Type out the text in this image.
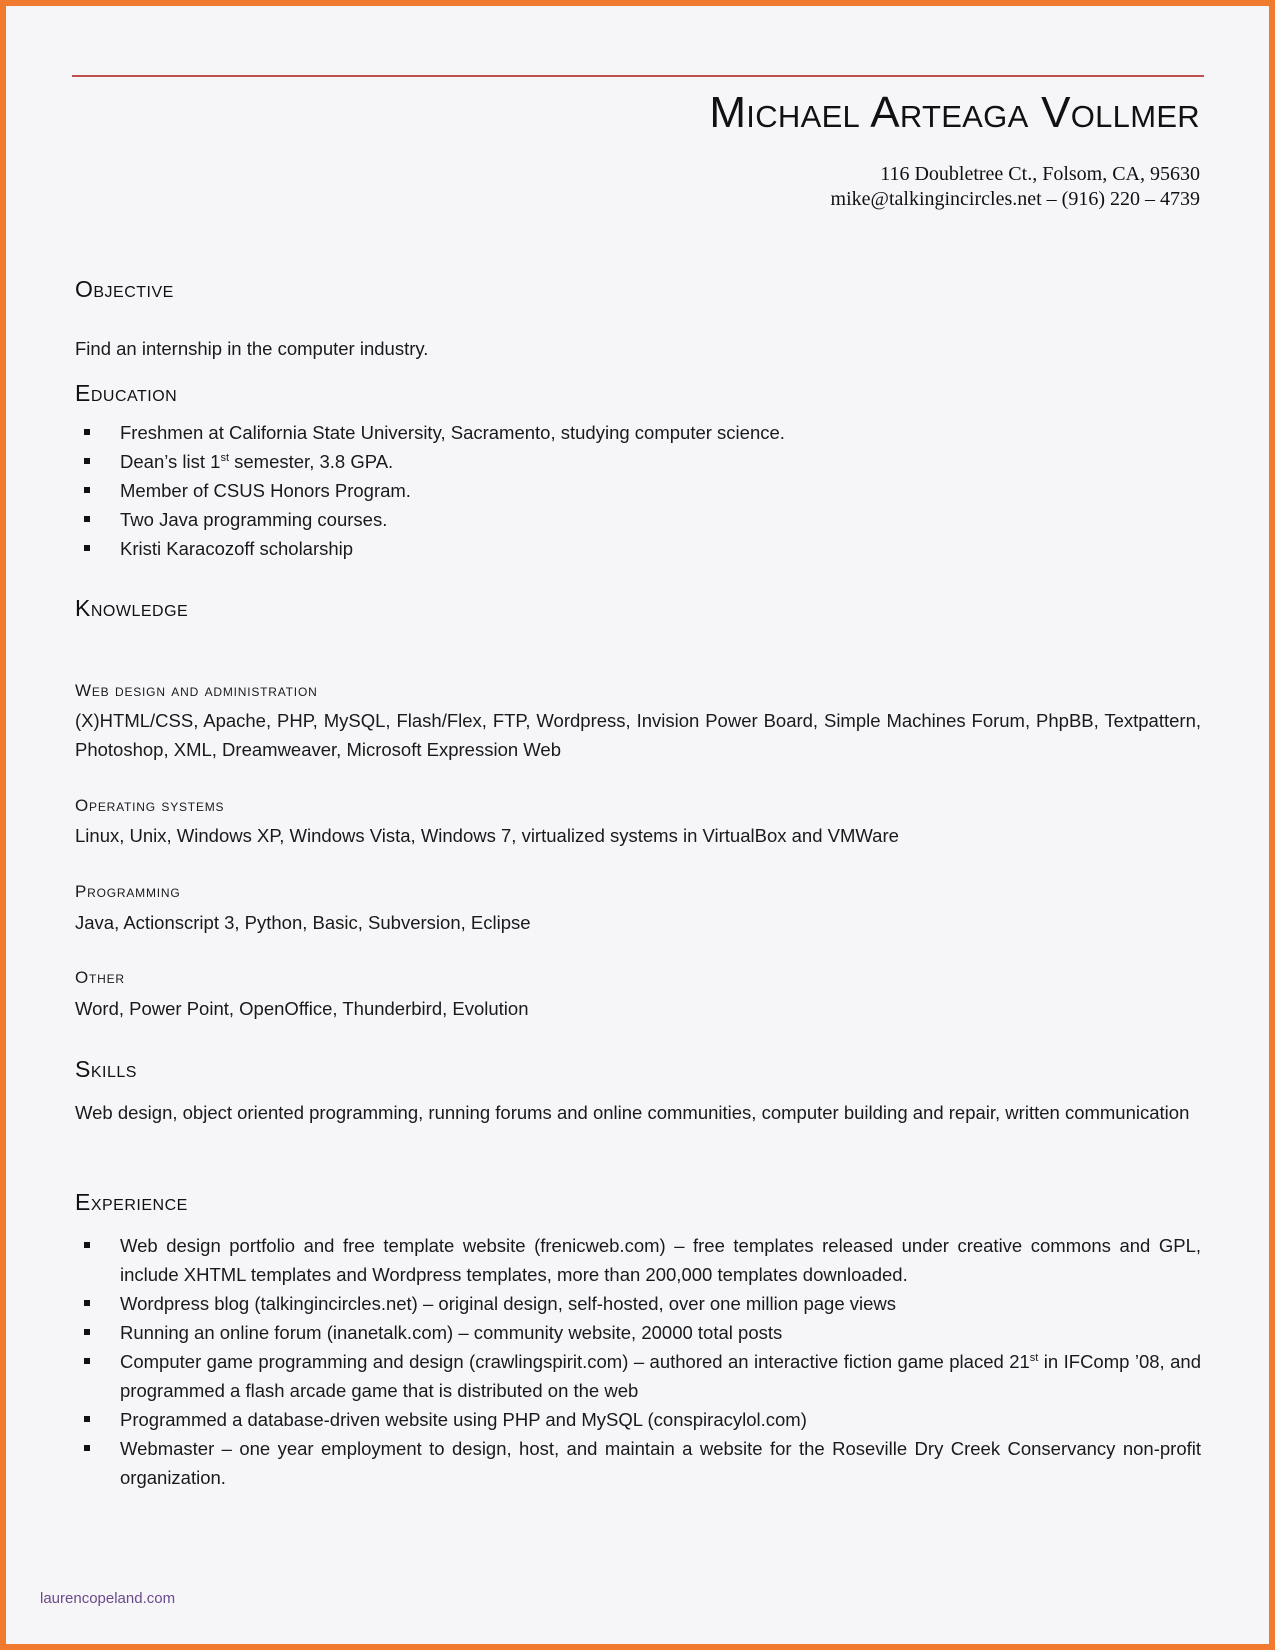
Michael Arteaga Vollmer
116 Doubletree Ct., Folsom, CA, 95630
mike@talkingincircles.net – (916) 220 – 4739
Objective
Find an internship in the computer industry.
Education
Freshmen at California State University, Sacramento, studying computer science.
Dean’s list 1st semester, 3.8 GPA.
Member of CSUS Honors Program.
Two Java programming courses.
Kristi Karacozoff scholarship
Knowledge
Web design and administration
(X)HTML/CSS, Apache, PHP, MySQL, Flash/Flex, FTP, Wordpress, Invision Power Board, Simple Machines Forum, PhpBB, Textpattern, Photoshop, XML, Dreamweaver, Microsoft Expression Web
Operating systems
Linux, Unix, Windows XP, Windows Vista, Windows 7, virtualized systems in VirtualBox and VMWare
Programming
Java, Actionscript 3, Python, Basic, Subversion, Eclipse
Other
Word, Power Point, OpenOffice, Thunderbird, Evolution
Skills
Web design, object oriented programming, running forums and online communities, computer building and repair, written communication
Experience
Web design portfolio and free template website (frenicweb.com) – free templates released under creative commons and GPL, include XHTML templates and Wordpress templates, more than 200,000 templates downloaded.
Wordpress blog (talkingincircles.net) – original design, self-hosted, over one million page views
Running an online forum (inanetalk.com) – community website, 20000 total posts
Computer game programming and design (crawlingspirit.com) – authored an interactive fiction game placed 21st in IFComp ’08, and programmed a flash arcade game that is distributed on the web
Programmed a database-driven website using PHP and MySQL (conspiracylol.com)
Webmaster – one year employment to design, host, and maintain a website for the Roseville Dry Creek Conservancy non-profit organization.
laurencopeland.com
